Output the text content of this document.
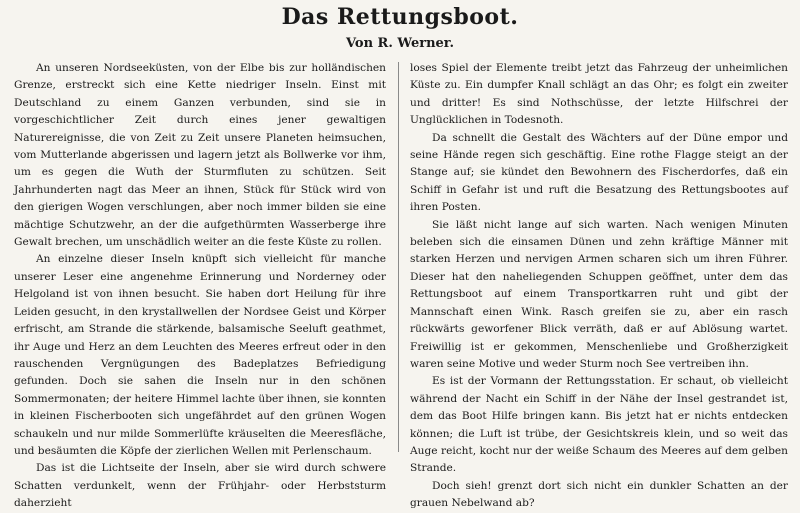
Das Rettungsboot.
Von R. Werner.

An unseren Nordseeküsten, von der Elbe bis zur holländischen Grenze, erstreckt sich eine Kette niedriger Inseln. Einst mit Deutschland zu einem Ganzen verbunden, sind sie in vorgeschichtlicher Zeit durch eines jener gewaltigen Naturereignisse, die von Zeit zu Zeit unsere Planeten heimsuchen, vom Mutterlande abgerissen und lagern jetzt als Bollwerke vor ihm, um es gegen die Wuth der Sturmfluten zu schützen. Seit Jahrhunderten nagt das Meer an ihnen, Stück für Stück wird von den gierigen Wogen verschlungen, aber noch immer bilden sie eine mächtige Schutzwehr, an der die aufgethürmten Wasserberge ihre Gewalt brechen, um unschädlich weiter an die feste Küste zu rollen.

An einzelne dieser Inseln knüpft sich vielleicht für manche unserer Leser eine angenehme Erinnerung und Norderney oder Helgoland ist von ihnen besucht. Sie haben dort Heilung für ihre Leiden gesucht, in den krystallwellen der Nordsee Geist und Körper erfrischt, am Strande die stärkende, balsamische Seeluft geathmet, ihr Auge und Herz an dem Leuchten des Meeres erfreut oder in den rauschenden Vergnügungen des Badeplatzes Befriedigung gefunden. Doch sie sahen die Inseln nur in den schönen Sommermonaten; der heitere Himmel lachte über ihnen, sie konnten in kleinen Fischerbooten sich ungefährdet auf den grünen Wogen schaukeln und nur milde Sommerlüfte kräuselten die Meeresfläche, und besäumten die Köpfe der zierlichen Wellen mit Perlenschaum.

Das ist die Lichtseite der Inseln, aber sie wird durch schwere Schatten verdunkelt, wenn der Frühjahr- oder Herbststurm daherzieht

loses Spiel der Elemente treibt jetzt das Fahrzeug der unheimlichen Küste zu. Ein dumpfer Knall schlägt an das Ohr; es folgt ein zweiter und dritter! Es sind Nothschüsse, der letzte Hilfschrei der Unglücklichen in Todesnoth.

Da schnellt die Gestalt des Wächters auf der Düne empor und seine Hände regen sich geschäftig. Eine rothe Flagge steigt an der Stange auf; sie kündet den Bewohnern des Fischerdorfes, daß ein Schiff in Gefahr ist und ruft die Besatzung des Rettungsbootes auf ihren Posten.

Sie läßt nicht lange auf sich warten. Nach wenigen Minuten beleben sich die einsamen Dünen und zehn kräftige Männer mit starken Herzen und nervigen Armen scharen sich um ihren Führer. Dieser hat den naheliegenden Schuppen geöffnet, unter dem das Rettungsboot auf einem Transportkarren ruht und gibt der Mannschaft einen Wink. Rasch greifen sie zu, aber ein rasch rückwärts geworfener Blick verräth, daß er auf Ablösung wartet. Freiwillig ist er gekommen, Menschenliebe und Großherzigkeit waren seine Motive und weder Sturm noch See vertreiben ihn.

Es ist der Vormann der Rettungsstation. Er schaut, ob vielleicht während der Nacht ein Schiff in der Nähe der Insel gestrandet ist, dem das Boot Hilfe bringen kann. Bis jetzt hat er nichts entdecken können; die Luft ist trübe, der Gesichtskreis klein, und so weit das Auge reicht, kocht nur der weiße Schaum des Meeres auf dem gelben Strande.

Doch sieh! grenzt dort sich nicht ein dunkler Schatten an der grauen Nebelwand ab?
